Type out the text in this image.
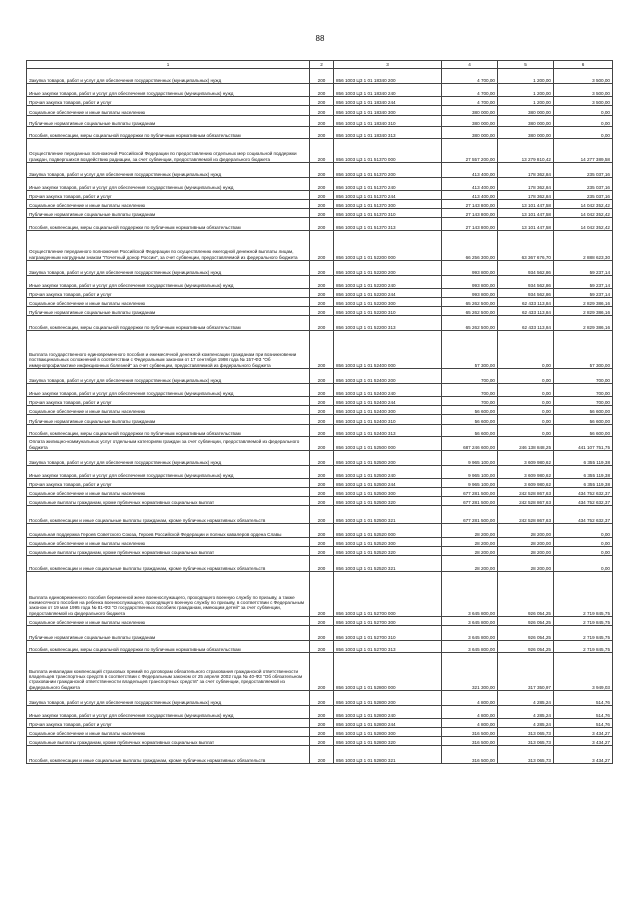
88
1	2	3	4	5	6
Закупка товаров, работ и услуг для обеспечения государственных (муниципальных) нужд	200	856 1003 Ц3 1 01 18340 200	4 700,00	1 200,00	3 500,00
Иные закупки товаров, работ и услуг для обеспечения государственных (муниципальных) нужд	200	856 1003 Ц3 1 01 18340 240	4 700,00	1 200,00	3 500,00
Прочая закупка товаров, работ и услуг	200	856 1003 Ц3 1 01 18340 244	4 700,00	1 200,00	3 500,00
Социальное обеспечение и иные выплаты населению	200	856 1003 Ц3 1 01 18340 300	380 000,00	380 000,00	0,00
Публичные нормативные социальные выплаты гражданам	200	856 1003 Ц3 1 01 18340 310	380 000,00	380 000,00	0,00
Пособия, компенсации, меры социальной поддержки по публичным нормативным обязательствам	200	856 1003 Ц3 1 01 18340 313	380 000,00	380 000,00	0,00
Осуществление переданных полномочий Российской Федерации по предоставлению отдельных мер социальной поддержки граждан, подвергшихся воздействию радиации, за счет субвенции, предоставляемой из федерального бюджета	200	856 1003 Ц3 1 01 51370 000	27 557 200,00	13 279 810,42	14 277 389,58
Закупка товаров, работ и услуг для обеспечения государственных (муниципальных) нужд	200	856 1003 Ц3 1 01 51370 200	413 400,00	178 362,84	235 037,16
Иные закупки товаров, работ и услуг для обеспечения государственных (муниципальных) нужд	200	856 1003 Ц3 1 01 51370 240	413 400,00	178 362,84	235 037,16
Прочая закупка товаров, работ и услуг	200	856 1003 Ц3 1 01 51370 244	413 400,00	178 362,84	235 037,16
Социальное обеспечение и иные выплаты населению	200	856 1003 Ц3 1 01 51370 300	27 143 800,00	13 101 447,58	14 042 352,42
Публичные нормативные социальные выплаты гражданам	200	856 1003 Ц3 1 01 51370 310	27 143 800,00	13 101 447,58	14 042 352,42
Пособия, компенсации, меры социальной поддержки по публичным нормативным обязательствам	200	856 1003 Ц3 1 01 51370 313	27 143 800,00	13 101 447,58	14 042 352,42
Осуществление переданного полномочия Российской Федерации по осуществлению ежегодной денежной выплаты лицам, награжденным нагрудным знаком "Почетный донор России", за счет субвенции, предоставляемой из федерального бюджета	200	856 1003 Ц3 1 01 52200 000	66 256 300,00	63 367 676,70	2 888 623,30
Закупка товаров, работ и услуг для обеспечения государственных (муниципальных) нужд	200	856 1003 Ц3 1 01 52200 200	993 800,00	934 562,86	59 237,14
Иные закупки товаров, работ и услуг для обеспечения государственных (муниципальных) нужд	200	856 1003 Ц3 1 01 52200 240	993 800,00	934 562,86	59 237,14
Прочая закупка товаров, работ и услуг	200	856 1003 Ц3 1 01 52200 244	993 800,00	934 562,86	59 237,14
Социальное обеспечение и иные выплаты населению	200	856 1003 Ц3 1 01 52200 300	65 262 500,00	62 433 113,84	2 829 386,16
Публичные нормативные социальные выплаты гражданам	200	856 1003 Ц3 1 01 52200 310	65 262 500,00	62 433 113,84	2 829 386,16
Пособия, компенсации, меры социальной поддержки по публичным нормативным обязательствам	200	856 1003 Ц3 1 01 52200 313	65 262 500,00	62 433 113,84	2 829 386,16
Выплата государственного единовременного пособия и ежемесячной денежной компенсации гражданам при возникновении поствакцинальных осложнений в соответствии с Федеральным законом от 17 сентября 1998 года № 157-ФЗ "Об иммунопрофилактике инфекционных болезней" за счет субвенции, предоставляемой из федерального бюджета	200	856 1003 Ц3 1 01 52400 000	57 300,00	0,00	57 300,00
Закупка товаров, работ и услуг для обеспечения государственных (муниципальных) нужд	200	856 1003 Ц3 1 01 52400 200	700,00	0,00	700,00
Иные закупки товаров, работ и услуг для обеспечения государственных (муниципальных) нужд	200	856 1003 Ц3 1 01 52400 240	700,00	0,00	700,00
Прочая закупка товаров, работ и услуг	200	856 1003 Ц3 1 01 52400 244	700,00	0,00	700,00
Социальное обеспечение и иные выплаты населению	200	856 1003 Ц3 1 01 52400 300	56 600,00	0,00	56 600,00
Публичные нормативные социальные выплаты гражданам	200	856 1003 Ц3 1 01 52400 310	56 600,00	0,00	56 600,00
Пособия, компенсации, меры социальной поддержки по публичным нормативным обязательствам	200	856 1003 Ц3 1 01 52400 313	56 600,00	0,00	56 600,00
Оплата жилищно-коммунальных услуг отдельным категориям граждан за счет субвенции, предоставляемой из федерального бюджета	200	856 1003 Ц3 1 01 52500 000	687 246 600,00	246 138 848,25	441 107 751,75
Закупка товаров, работ и услуг для обеспечения государственных (муниципальных) нужд	200	856 1003 Ц3 1 01 52500 200	9 965 100,00	3 609 980,62	6 355 119,38
Иные закупки товаров, работ и услуг для обеспечения государственных (муниципальных) нужд	200	856 1003 Ц3 1 01 52500 240	9 965 100,00	3 609 980,62	6 355 119,38
Прочая закупка товаров, работ и услуг	200	856 1003 Ц3 1 01 52500 244	9 965 100,00	3 609 980,62	6 355 119,38
Социальное обеспечение и иные выплаты населению	200	856 1003 Ц3 1 01 52500 300	677 281 500,00	242 528 867,63	434 752 632,37
Социальные выплаты гражданам, кроме публичных нормативных социальных выплат	200	856 1003 Ц3 1 01 52500 320	677 281 500,00	242 528 867,63	434 752 632,37
Пособия, компенсации и иные социальные выплаты гражданам, кроме публичных нормативных обязательств	200	856 1003 Ц3 1 01 52500 321	677 281 500,00	242 528 867,63	434 752 632,37
Социальная поддержка Героев Советского Союза, Героев Российской Федерации и полных кавалеров ордена Славы	200	856 1003 Ц3 1 01 52520 000	28 200,00	28 200,00	0,00
Социальное обеспечение и иные выплаты населению	200	856 1003 Ц3 1 01 52520 300	28 200,00	28 200,00	0,00
Социальные выплаты гражданам, кроме публичных нормативных социальных выплат	200	856 1003 Ц3 1 01 52520 320	28 200,00	28 200,00	0,00
Пособия, компенсации и иные социальные выплаты гражданам, кроме публичных нормативных обязательств	200	856 1003 Ц3 1 01 52520 321	28 200,00	28 200,00	0,00
Выплата единовременного пособия беременной жене военнослужащего, проходящего военную службу по призыву, а также ежемесячного пособия на ребенка военнослужащего, проходящего военную службу по призыву, в соответствии с Федеральным законом от 19 мая 1995 года № 81-ФЗ "О государственных пособиях гражданам, имеющим детей" за счет субвенции, предоставляемой из федерального бюджета	200	856 1003 Ц3 1 01 52700 000	3 645 800,00	926 054,25	2 719 845,75
Социальное обеспечение и иные выплаты населению	200	856 1003 Ц3 1 01 52700 300	3 645 800,00	926 054,25	2 719 845,75
Публичные нормативные социальные выплаты гражданам	200	856 1003 Ц3 1 01 52700 310	3 645 800,00	926 054,25	2 719 845,75
Пособия, компенсации, меры социальной поддержки по публичным нормативным обязательствам	200	856 1003 Ц3 1 01 52700 313	3 645 800,00	926 054,25	2 719 845,75
Выплата инвалидам компенсаций страховых премий по договорам обязательного страхования гражданской ответственности владельцев транспортных средств в соответствии с Федеральным законом от 25 апреля 2002 года № 40-ФЗ "Об обязательном страховании гражданской ответственности владельцев транспортных средств" за счет субвенции, предоставляемой из федерального бюджета	200	856 1003 Ц3 1 01 52800 000	321 300,00	317 350,97	3 949,03
Закупка товаров, работ и услуг для обеспечения государственных (муниципальных) нужд	200	856 1003 Ц3 1 01 52800 200	4 800,00	4 285,24	514,76
Иные закупки товаров, работ и услуг для обеспечения государственных (муниципальных) нужд	200	856 1003 Ц3 1 01 52800 240	4 800,00	4 285,24	514,76
Прочая закупка товаров, работ и услуг	200	856 1003 Ц3 1 01 52800 244	4 800,00	4 285,24	514,76
Социальное обеспечение и иные выплаты населению	200	856 1003 Ц3 1 01 52800 300	316 500,00	313 065,73	3 434,27
Социальные выплаты гражданам, кроме публичных нормативных социальных выплат	200	856 1003 Ц3 1 01 52800 320	316 500,00	313 065,73	3 434,27
Пособия, компенсации и иные социальные выплаты гражданам, кроме публичных нормативных обязательств	200	856 1003 Ц3 1 01 52800 321	316 500,00	313 065,73	3 434,27
